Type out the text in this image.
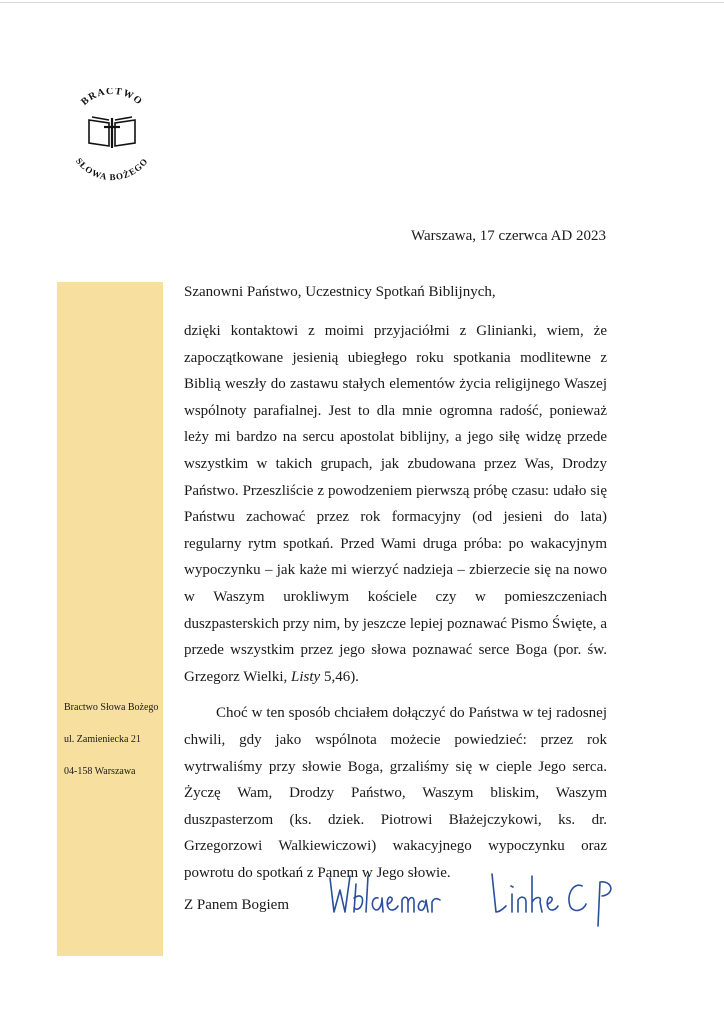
BRACTWO
SŁOWA BOŻEGO
Warszawa, 17 czerwca AD 2023
Bractwo Słowa Bożego
ul. Zamieniecka 21
04-158 Warszawa

Szanowni Państwo, Uczestnicy Spotkań Biblijnych,

dzięki kontaktowi z moimi przyjaciółmi z Glinianki, wiem, że zapoczątkowane jesienią ubiegłego roku spotkania modlitewne z Biblią weszły do zastawu stałych elementów życia religijnego Waszej wspólnoty parafialnej. Jest to dla mnie ogromna radość, ponieważ leży mi bardzo na sercu apostolat biblijny, a jego siłę widzę przede wszystkim w takich grupach, jak zbudowana przez Was, Drodzy Państwo. Przeszliście z powodzeniem pierwszą próbę czasu: udało się Państwu zachować przez rok formacyjny (od jesieni do lata) regularny rytm spotkań. Przed Wami druga próba: po wakacyjnym wypoczynku – jak każe mi wierzyć nadzieja – zbierzecie się na nowo w Waszym urokliwym kościele czy w pomieszczeniach duszpasterskich przy nim, by jeszcze lepiej poznawać Pismo Święte, a przede wszystkim przez jego słowa poznawać serce Boga (por. św. Grzegorz Wielki, Listy 5,46).

Choć w ten sposób chciałem dołączyć do Państwa w tej radosnej chwili, gdy jako wspólnota możecie powiedzieć: przez rok wytrwaliśmy przy słowie Boga, grzaliśmy się w cieple Jego serca. Życzę Wam, Drodzy Państwo, Waszym bliskim, Waszym duszpasterzom (ks. dziek. Piotrowi Błażejczykowi, ks. dr. Grzegorzowi Walkiewiczowi) wakacyjnego wypoczynku oraz powrotu do spotkań z Panem w Jego słowie.

Z Panem Bogiem
